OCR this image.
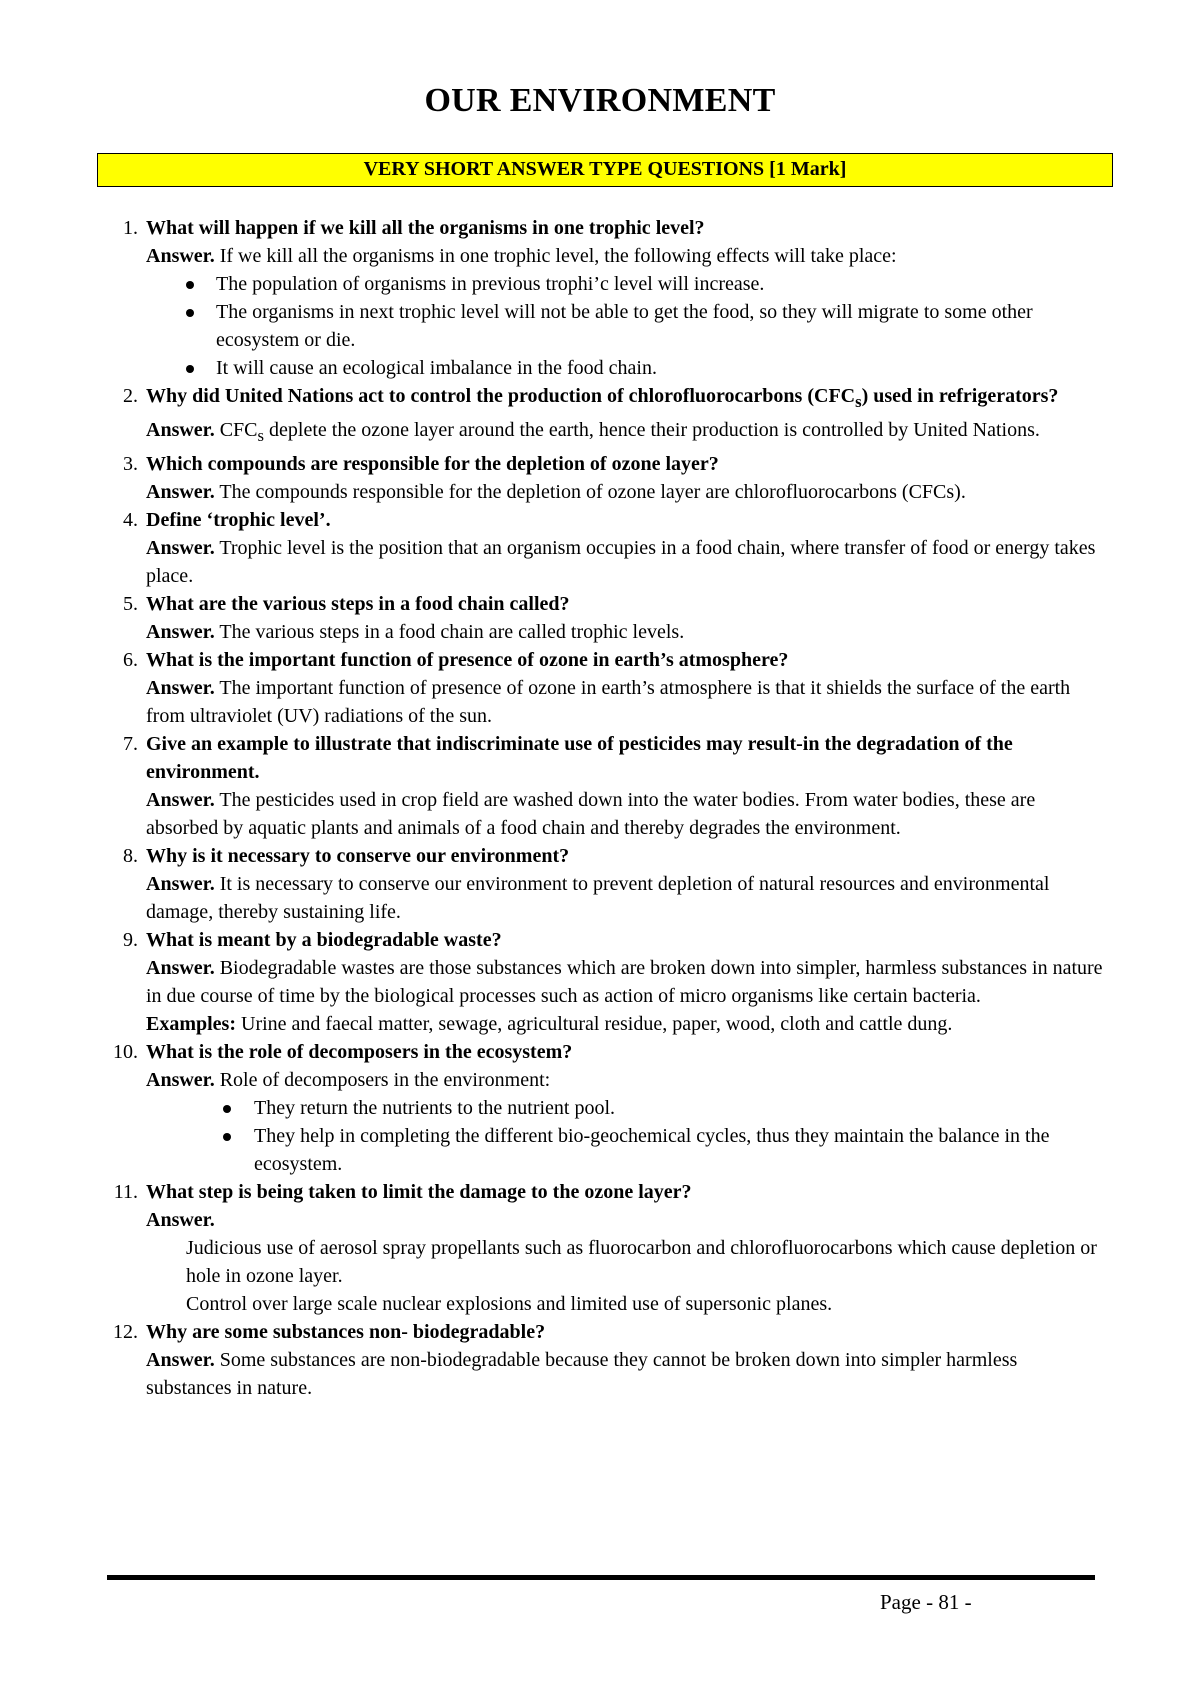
OUR ENVIRONMENT
VERY SHORT ANSWER TYPE QUESTIONS [1 Mark]
1. What will happen if we kill all the organisms in one trophic level?
Answer. If we kill all the organisms in one trophic level, the following effects will take place:
The population of organisms in previous trophi’c level will increase.
The organisms in next trophic level will not be able to get the food, so they will migrate to some other ecosystem or die.
It will cause an ecological imbalance in the food chain.
2. Why did United Nations act to control the production of chlorofluorocarbons $(CFC_s)$ used in refrigerators?
Answer. $CFC_s$ deplete the ozone layer around the earth, hence their production is controlled by United Nations.
3. Which compounds are responsible for the depletion of ozone layer?
Answer. The compounds responsible for the depletion of ozone layer are chlorofluorocarbons (CFCs).
4. Define ‘trophic level’.
Answer. Trophic level is the position that an organism occupies in a food chain, where transfer of food or energy takes place.
5. What are the various steps in a food chain called?
Answer. The various steps in a food chain are called trophic levels.
6. What is the important function of presence of ozone in earth’s atmosphere?
Answer. The important function of presence of ozone in earth’s atmosphere is that it shields the surface of the earth from ultraviolet (UV) radiations of the sun.
7. Give an example to illustrate that indiscriminate use of pesticides may result-in the degradation of the environment.
Answer. The pesticides used in crop field are washed down into the water bodies. From water bodies, these are absorbed by aquatic plants and animals of a food chain and thereby degrades the environment.
8. Why is it necessary to conserve our environment?
Answer. It is necessary to conserve our environment to prevent depletion of natural resources and environmental damage, thereby sustaining life.
9. What is meant by a biodegradable waste?
Answer. Biodegradable wastes are those substances which are broken down into simpler, harmless substances in nature in due course of time by the biological processes such as action of micro organisms like certain bacteria.
Examples: Urine and faecal matter, sewage, agricultural residue, paper, wood, cloth and cattle dung.
10. What is the role of decomposers in the ecosystem?
Answer. Role of decomposers in the environment:
They return the nutrients to the nutrient pool.
They help in completing the different bio-geochemical cycles, thus they maintain the balance in the ecosystem.
11. What step is being taken to limit the damage to the ozone layer?
Answer.
Judicious use of aerosol spray propellants such as fluorocarbon and chlorofluorocarbons which cause depletion or hole in ozone layer.
Control over large scale nuclear explosions and limited use of supersonic planes.
12. Why are some substances non- biodegradable?
Answer. Some substances are non-biodegradable because they cannot be broken down into simpler harmless substances in nature.
Page - 81 -
